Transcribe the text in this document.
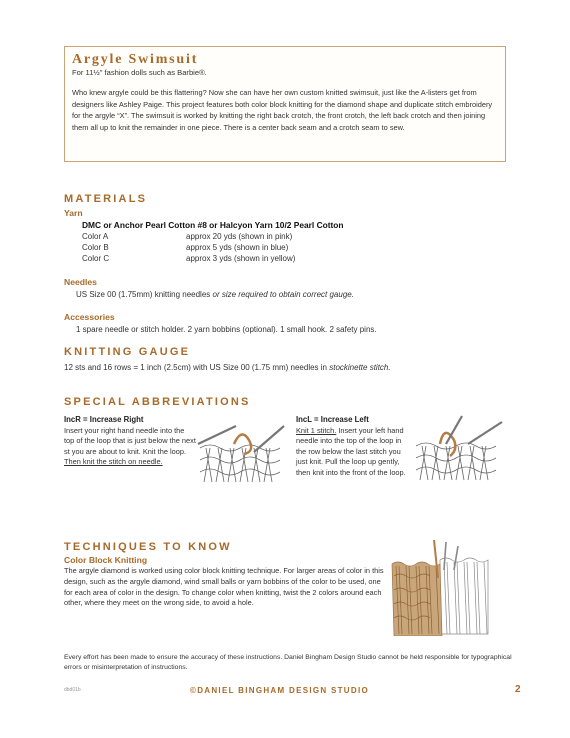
Argyle Swimsuit
For 11½" fashion dolls such as Barbie®.
Who knew argyle could be this flattering? Now she can have her own custom knitted swimsuit, just like the A-listers get from designers like Ashley Paige. This project features both color block knitting for the diamond shape and duplicate stitch embroidery for the argyle “X”. The swimsuit is worked by knitting the right back crotch, the front crotch, the left back crotch and then joining them all up to knit the remainder in one piece. There is a center back seam and a crotch seam to sew.
MATERIALS
Yarn
DMC or Anchor Pearl Cotton #8 or Halcyon Yarn 10/2 Pearl Cotton
Color A	approx 20 yds (shown in pink)
Color B	approx 5 yds (shown in blue)
Color C	approx 3 yds (shown in yellow)
Needles
US Size 00 (1.75mm) knitting needles or size required to obtain correct gauge.
Accessories
1 spare needle or stitch holder. 2 yarn bobbins (optional). 1 small hook. 2 safety pins.
KNITTING GAUGE
12 sts and 16 rows = 1 inch (2.5cm) with US Size 00 (1.75 mm) needles in stockinette stitch.
SPECIAL ABBREVIATIONS
IncR = Increase Right
Insert your right hand needle into the top of the loop that is just below the next st you are about to knit. Knit the loop. Then knit the stitch on needle.
IncL = Increase Left
Knit 1 stitch. Insert your left hand needle into the top of the loop in the row below the last stitch you just knit. Pull the loop up gently, then knit into the front of the loop.
TECHNIQUES TO KNOW
Color Block Knitting
The argyle diamond is worked using color block knitting technique. For larger areas of color in this design, such as the argyle diamond, wind small balls or yarn bobbins of the color to be used, one for each area of color in the design. To change color when knitting, twist the 2 colors around each other, where they meet on the wrong side, to avoid a hole.
Every effort has been made to ensure the accuracy of these instructions. Daniel Bingham Design Studio cannot be held responsible for typographical errors or misinterpretation of instructions.
dbd01b	©DANIEL BINGHAM DESIGN STUDIO	2
